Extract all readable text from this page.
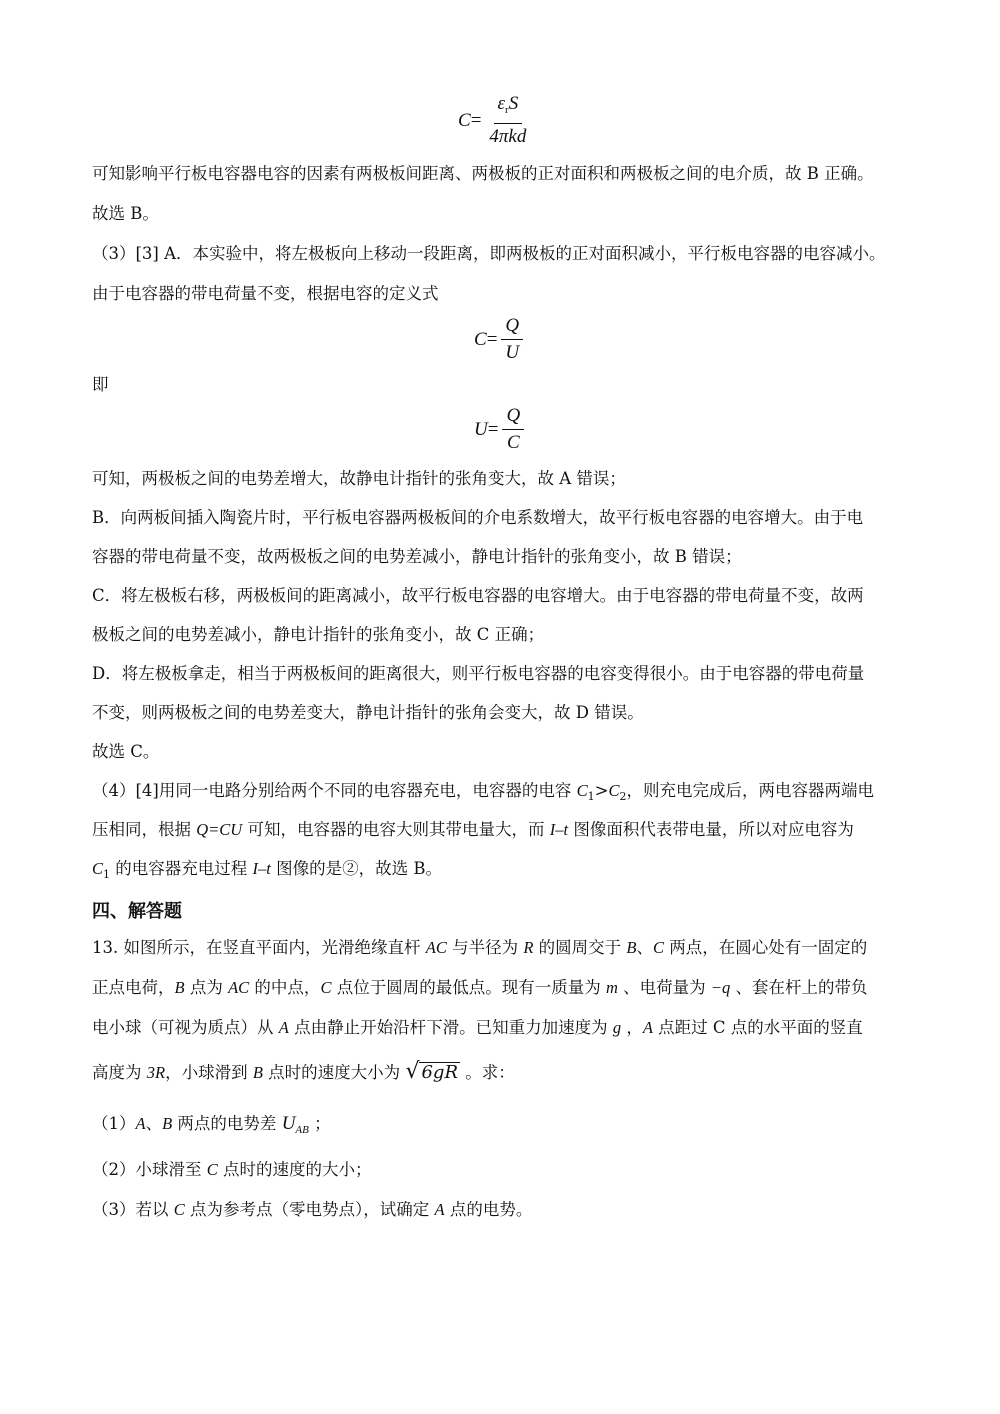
$C = \frac{\varepsilon_rS}{\text{4πkd}}$
可知影响平行板电容器电容的因素有两极板间距离、两极板的正对面积和两极板之间的电介质，故 B 正确。
故选 B。
（3）[3] A．本实验中，将左极板向上移动一段距离，即两极板的正对面积减小，平行板电容器的电容减小。
由于电容器的带电荷量不变，根据电容的定义式
$C = \frac{Q}{U}$
即
$U = \frac{Q}{C}$
可知，两极板之间的电势差增大，故静电计指针的张角变大，故 A 错误；
B．向两板间插入陶瓷片时，平行板电容器两极板间的介电系数增大，故平行板电容器的电容增大。由于电
容器的带电荷量不变，故两极板之间的电势差减小，静电计指针的张角变小，故 B 错误；
C．将左极板右移，两极板间的距离减小，故平行板电容器的电容增大。由于电容器的带电荷量不变，故两
极板之间的电势差减小，静电计指针的张角变小，故 C 正确；
D．将左极板拿走，相当于两极板间的距离很大，则平行板电容器的电容变得很小。由于电容器的带电荷量
不变，则两极板之间的电势差变大，静电计指针的张角会变大，故 D 错误。
故选 C。
（4）[4]用同一电路分别给两个不同的电容器充电，电容器的电容 $C_1>C_2$，则充电完成后，两电容器两端电
压相同，根据 Q=CU 可知，电容器的电容大则其带电量大，而 I–t 图像面积代表带电量，所以对应电容为
$C_1$ 的电容器充电过程 I–t 图像的是②，故选 B。
四、解答题
13. 如图所示，在竖直平面内，光滑绝缘直杆 AC 与半径为 R 的圆周交于 B、C 两点，在圆心处有一固定的
正点电荷，B 点为 AC 的中点，C 点位于圆周的最低点。现有一质量为 m 、电荷量为 −q 、套在杆上的带负
电小球（可视为质点）从 A 点由静止开始沿杆下滑。已知重力加速度为 g ，A 点距过 C 点的水平面的竖直
高度为 3R，小球滑到 B 点时的速度大小为 √ 6gR 。求：
（1）A、B 两点的电势差 $U_{AB}$ ；
（2）小球滑至 C 点时的速度的大小；
（3）若以 C 点为参考点（零电势点），试确定 A 点的电势。
